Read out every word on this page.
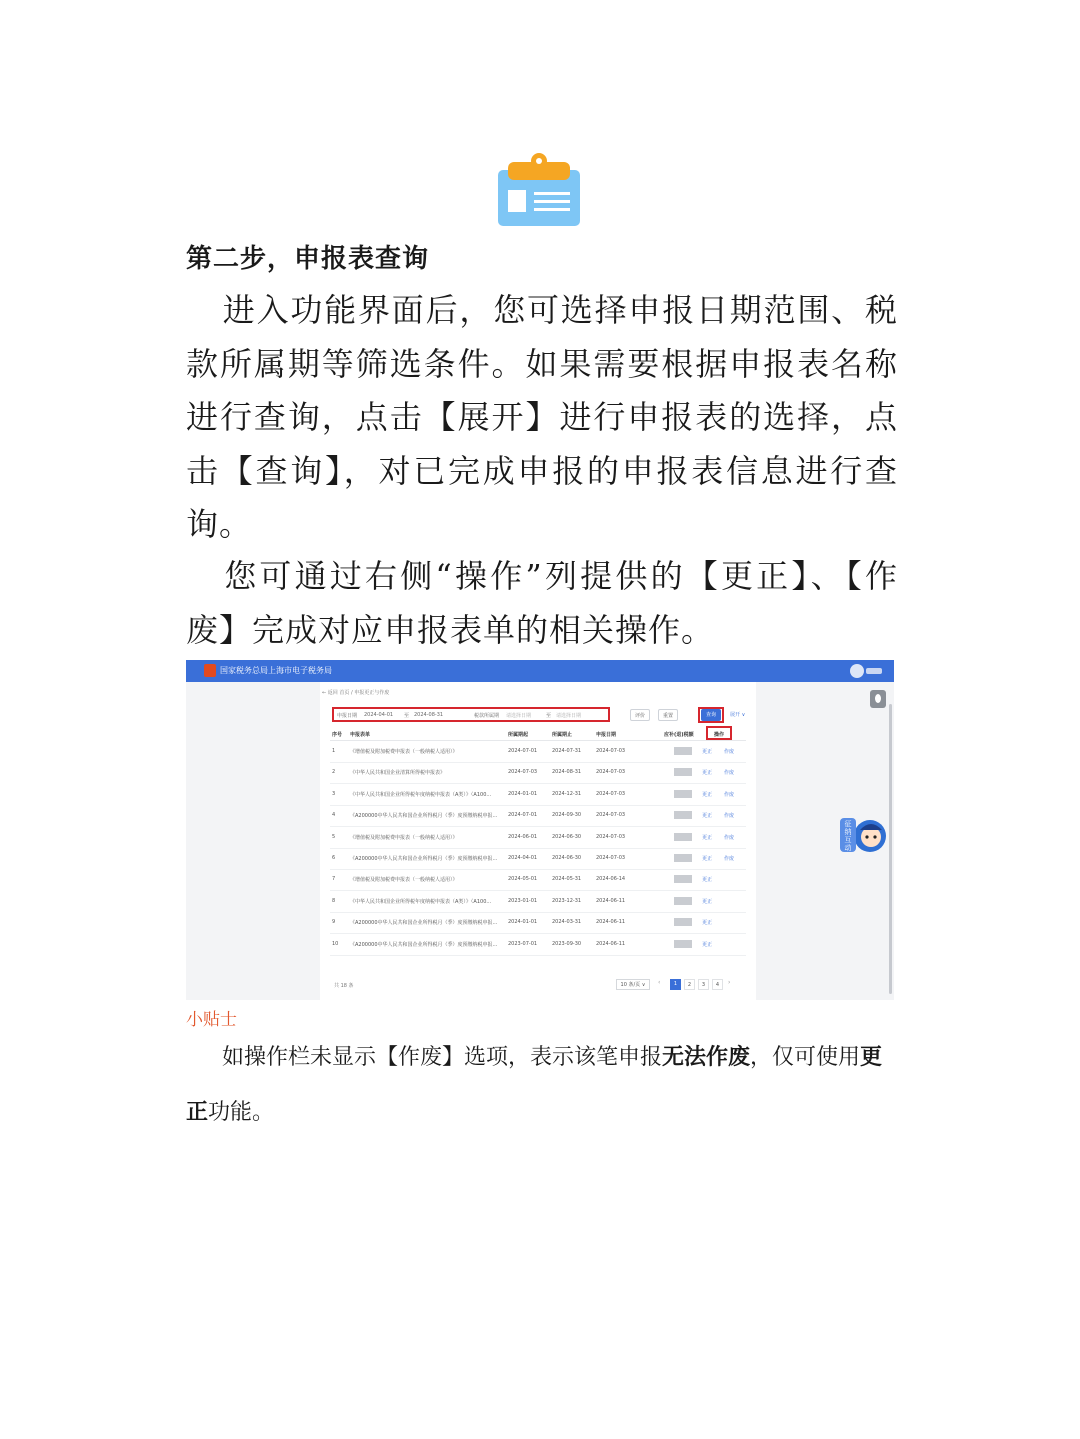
第二步，申报表查询

进入功能界面后，您可选择申报日期范围、税款所属期等筛选条件。如果需要根据申报表名称进行查询，点击【展开】进行申报表的选择，点击【查询】，对已完成申报的申报表信息进行查询。

您可通过右侧“操作”列提供的【更正】、【作废】完成对应申报表单的相关操作。

国家税务总局上海市电子税务局
← 返回 首页 / 申报更正与作废
申报日期 2024-04-01 至 2024-08-31	税款所属期 请选择日期	至 请选择日期	评价	重置	查询	展开 ∨
序号 申报表单	所属期起	所属期止	申报日期	应补(退)税额	操作
1	《增值税及附加税费申报表（一般纳税人适用）》	2024-07-01	2024-07-31	2024-07-03	更正 作废
2	《中华人民共和国企业清算所得税申报表》	2024-07-03	2024-08-31	2024-07-03	更正 作废
3	《中华人民共和国企业所得税年度纳税申报表（A类）》（A100...	2024-01-01	2024-12-31	2024-07-03	更正 作废
4	《A200000中华人民共和国企业所得税月（季）度预缴纳税申报... 2024-07-01	2024-09-30	2024-07-03	更正 作废
5	《增值税及附加税费申报表（一般纳税人适用）》	2024-06-01	2024-06-30	2024-07-03	更正 作废
6	《A200000中华人民共和国企业所得税月（季）度预缴纳税申报... 2024-04-01	2024-06-30	2024-07-03	更正 作废
7	《增值税及附加税费申报表（一般纳税人适用）》	2024-05-01	2024-05-31	2024-06-14	更正
8	《中华人民共和国企业所得税年度纳税申报表（A类）》（A100...	2023-01-01	2023-12-31	2024-06-11	更正
9	《A200000中华人民共和国企业所得税月（季）度预缴纳税申报... 2024-01-01	2024-03-31	2024-06-11	更正
10 《A200000中华人民共和国企业所得税月（季）度预缴纳税申报... 2023-07-01	2023-09-30	2024-06-11	更正
共 18 条	10 条/页 ∨	‹	1	2	3	4	›
征
纳
互
动
小贴士

如操作栏未显示【作废】选项，表示该笔申报无法作废，仅可使用更正功能。
